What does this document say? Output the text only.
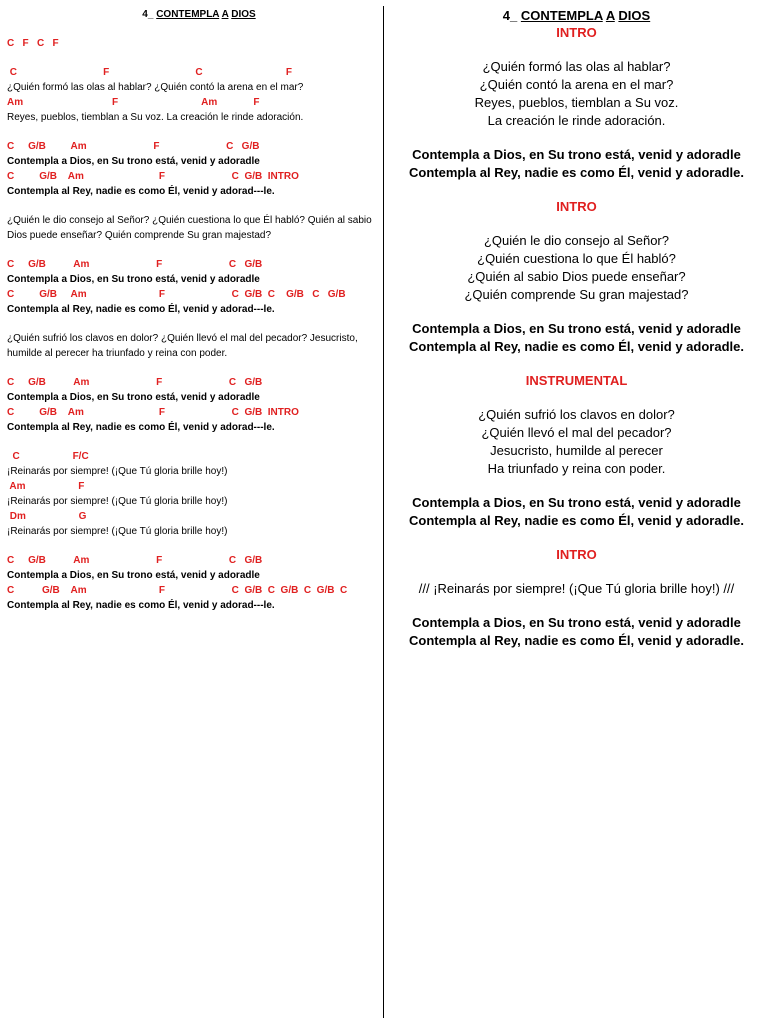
4_ CONTEMPLA A DIOS
C   F   C   F
C                               F                               C                              F
¿Quién formó las olas al hablar? ¿Quién contó la arena en el mar?
Am                                F                              Am             F
Reyes, pueblos, tiemblan a Su voz. La creación le rinde adoración.
C     G/B         Am                        F                        C   G/B
Contempla a Dios, en Su trono está, venid y adoradle
C         G/B    Am                           F                        C  G/B  INTRO
Contempla al Rey, nadie es como Él, venid y adorad---le.
¿Quién le dio consejo al Señor? ¿Quién cuestiona lo que Él habló? Quién al sabio Dios puede enseñar? Quién comprende Su gran majestad?
C     G/B          Am                        F                        C   G/B
Contempla a Dios, en Su trono está, venid y adoradle
C         G/B     Am                          F                        C  G/B  C    G/B   C   G/B
Contempla al Rey, nadie es como Él, venid y adorad---le.
¿Quién sufrió los clavos en dolor? ¿Quién llevó el mal del pecador? Jesucristo, humilde al perecer ha triunfado y reina con poder.
C     G/B          Am                        F                        C   G/B
Contempla a Dios, en Su trono está, venid y adoradle
C         G/B    Am                           F                        C  G/B  INTRO
Contempla al Rey, nadie es como Él, venid y adorad---le.
C                   F/C
¡Reinarás por siempre! (¡Que Tú gloria brille hoy!)
Am                   F
¡Reinarás por siempre! (¡Que Tú gloria brille hoy!)
Dm                   G
¡Reinarás por siempre! (¡Que Tú gloria brille hoy!)
C     G/B          Am                        F                        C   G/B
Contempla a Dios, en Su trono está, venid y adoradle
C          G/B    Am                          F                        C  G/B  C  G/B  C  G/B  C
Contempla al Rey, nadie es como Él, venid y adorad---le.
4_ CONTEMPLA A DIOS
INTRO
¿Quién formó las olas al hablar?
¿Quién contó la arena en el mar?
Reyes, pueblos, tiemblan a Su voz.
La creación le rinde adoración.
Contempla a Dios, en Su trono está, venid y adoradle
Contempla al Rey, nadie es como Él, venid y adoradle.
INTRO
¿Quién le dio consejo al Señor?
¿Quién cuestiona lo que Él habló?
¿Quién al sabio Dios puede enseñar?
¿Quién comprende Su gran majestad?
Contempla a Dios, en Su trono está, venid y adoradle
Contempla al Rey, nadie es como Él, venid y adoradle.
INSTRUMENTAL
¿Quién sufrió los clavos en dolor?
¿Quién llevó el mal del pecador?
Jesucristo, humilde al perecer
Ha triunfado y reina con poder.
Contempla a Dios, en Su trono está, venid y adoradle
Contempla al Rey, nadie es como Él, venid y adoradle.
INTRO
/// ¡Reinarás por siempre! (¡Que Tú gloria brille hoy!) ///
Contempla a Dios, en Su trono está, venid y adoradle
Contempla al Rey, nadie es como Él, venid y adoradle.
